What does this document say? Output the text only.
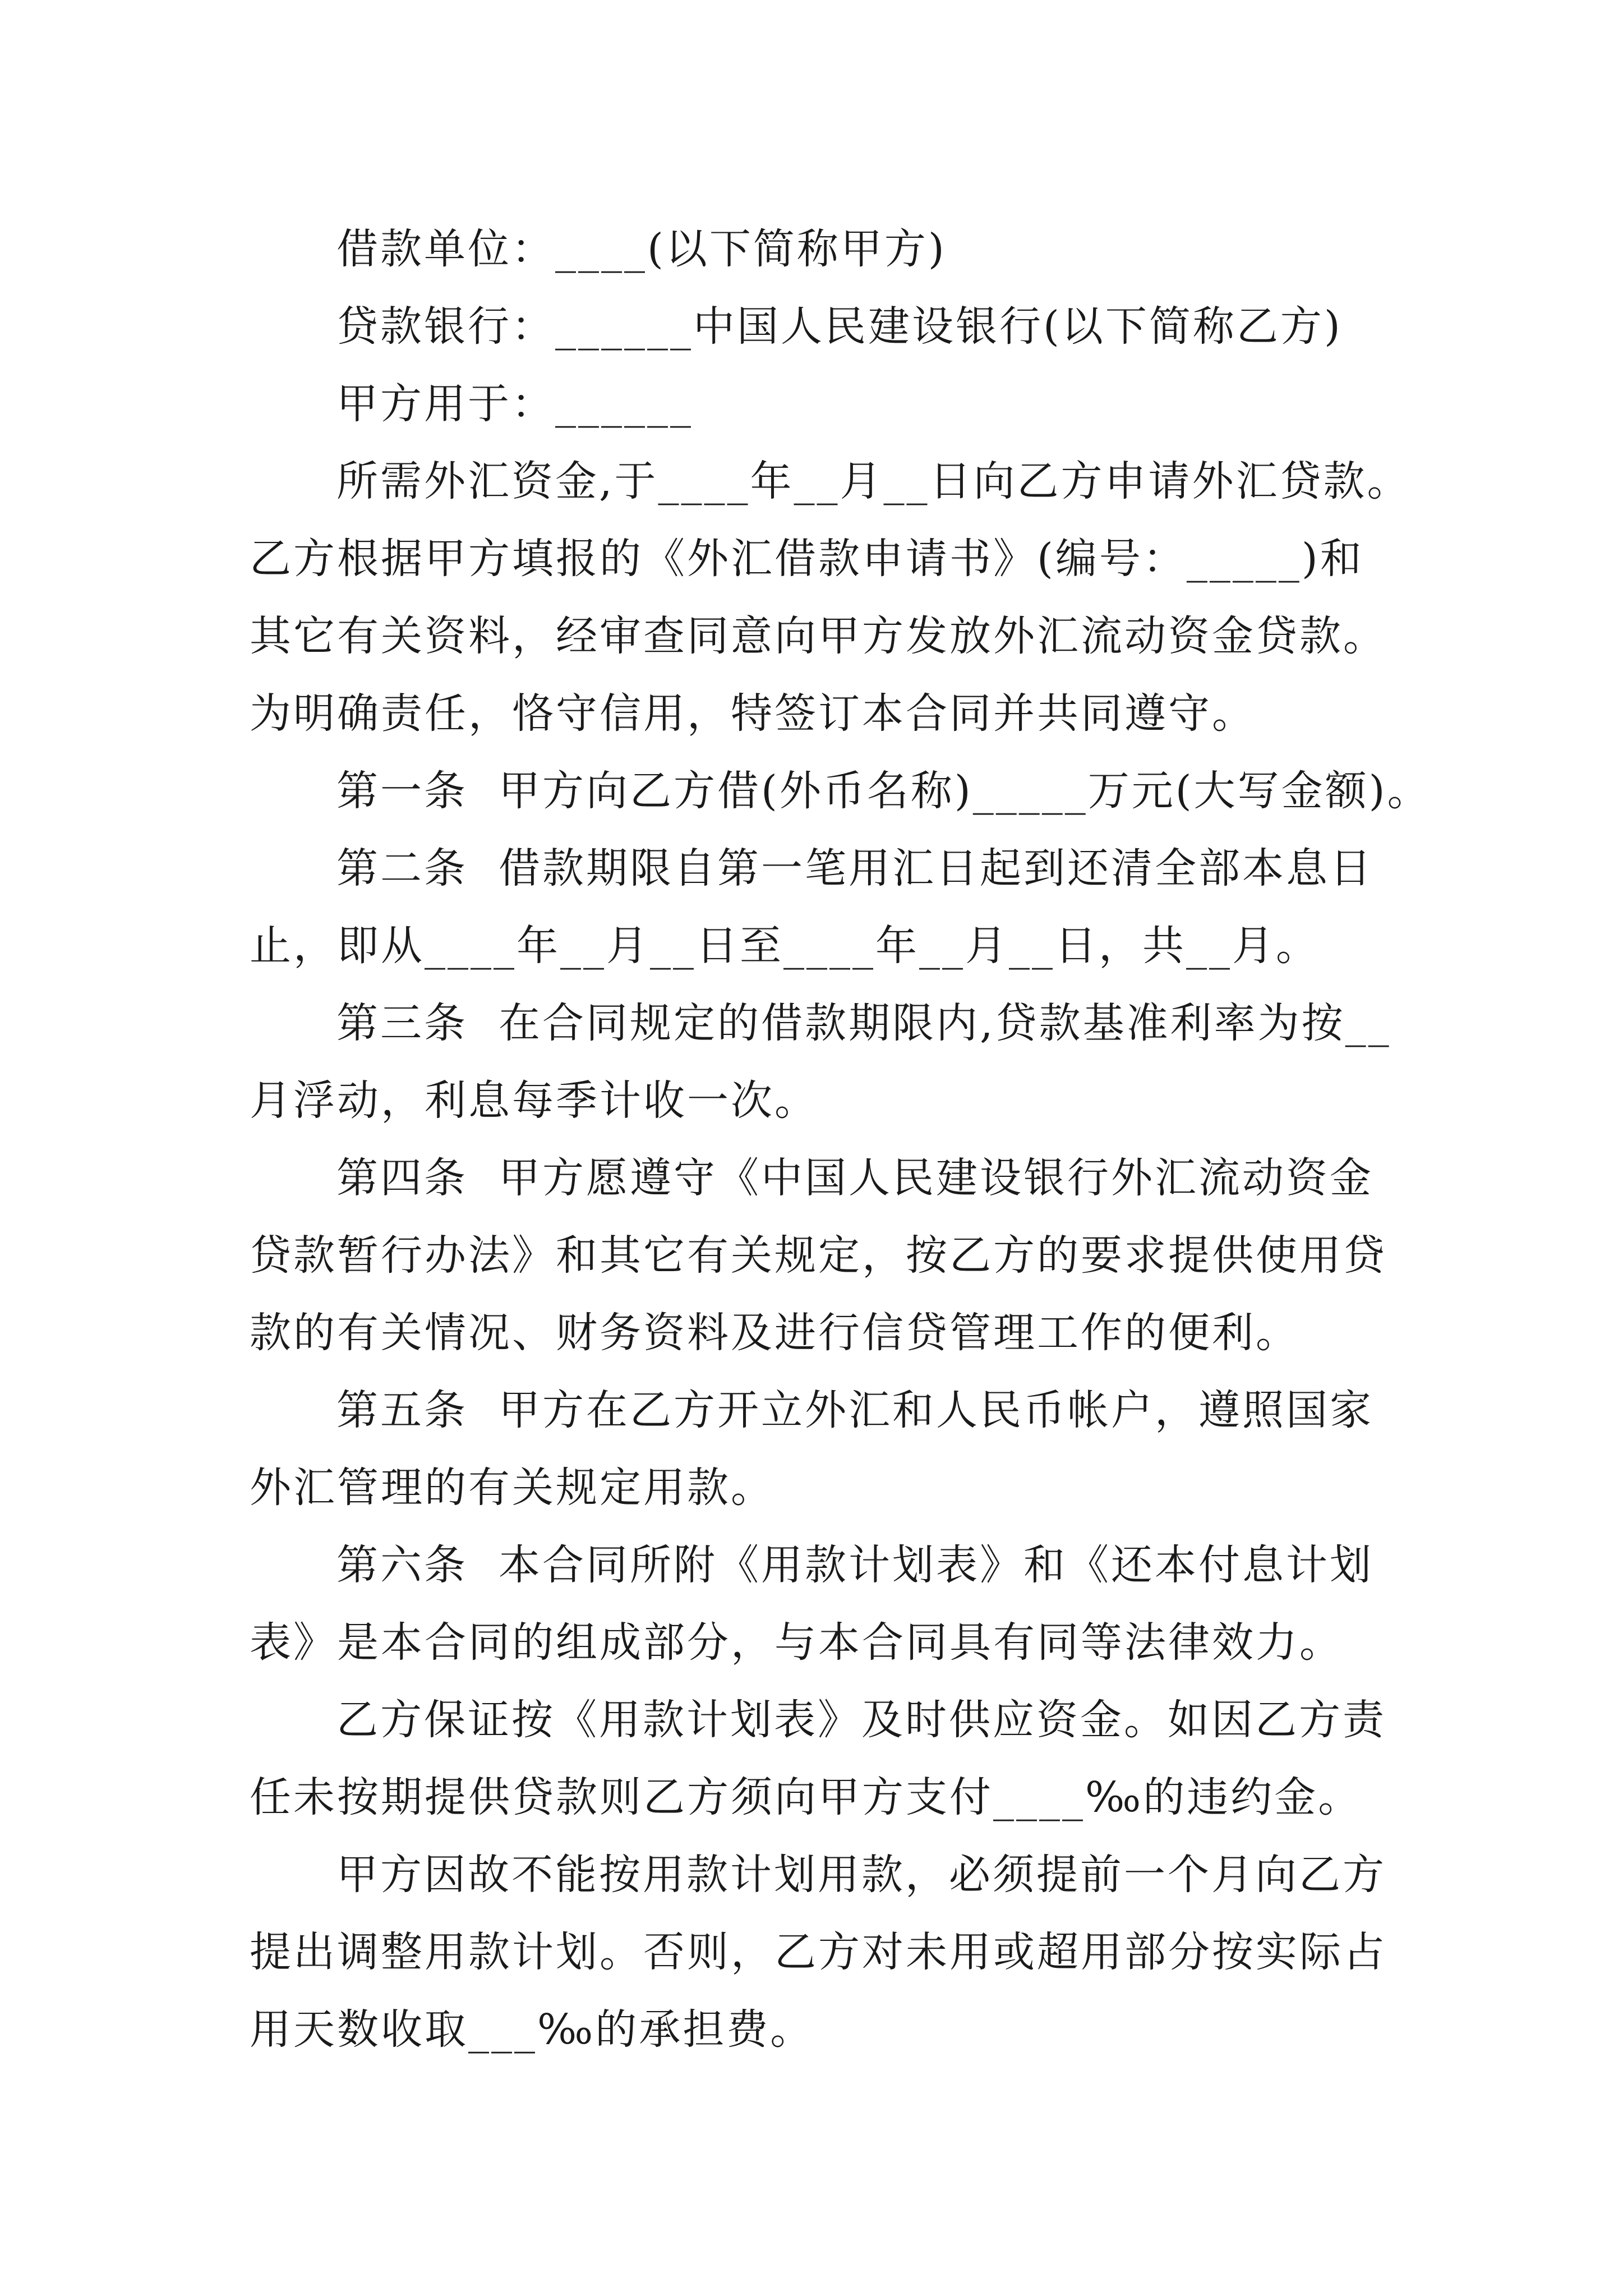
借款单位：____(以下简称甲方)
贷款银行：______中国人民建设银行(以下简称乙方)
甲方用于：______
所需外汇资金,于____年__月__日向乙方申请外汇贷款。
乙方根据甲方填报的《外汇借款申请书》(编号：_____)和
其它有关资料，经审查同意向甲方发放外汇流动资金贷款。
为明确责任，恪守信用，特签订本合同并共同遵守。
第一条  甲方向乙方借(外币名称)_____万元(大写金额)。
第二条  借款期限自第一笔用汇日起到还清全部本息日
止，即从____年__月__日至____年__月__日，共__月。
第三条  在合同规定的借款期限内,贷款基准利率为按__
月浮动，利息每季计收一次。
第四条  甲方愿遵守《中国人民建设银行外汇流动资金
贷款暂行办法》和其它有关规定，按乙方的要求提供使用贷
款的有关情况、财务资料及进行信贷管理工作的便利。
第五条  甲方在乙方开立外汇和人民币帐户，遵照国家
外汇管理的有关规定用款。
第六条  本合同所附《用款计划表》和《还本付息计划
表》是本合同的组成部分，与本合同具有同等法律效力。
乙方保证按《用款计划表》及时供应资金。如因乙方责
任未按期提供贷款则乙方须向甲方支付____‰的违约金。
甲方因故不能按用款计划用款，必须提前一个月向乙方
提出调整用款计划。否则，乙方对未用或超用部分按实际占
用天数收取___‰的承担费。
